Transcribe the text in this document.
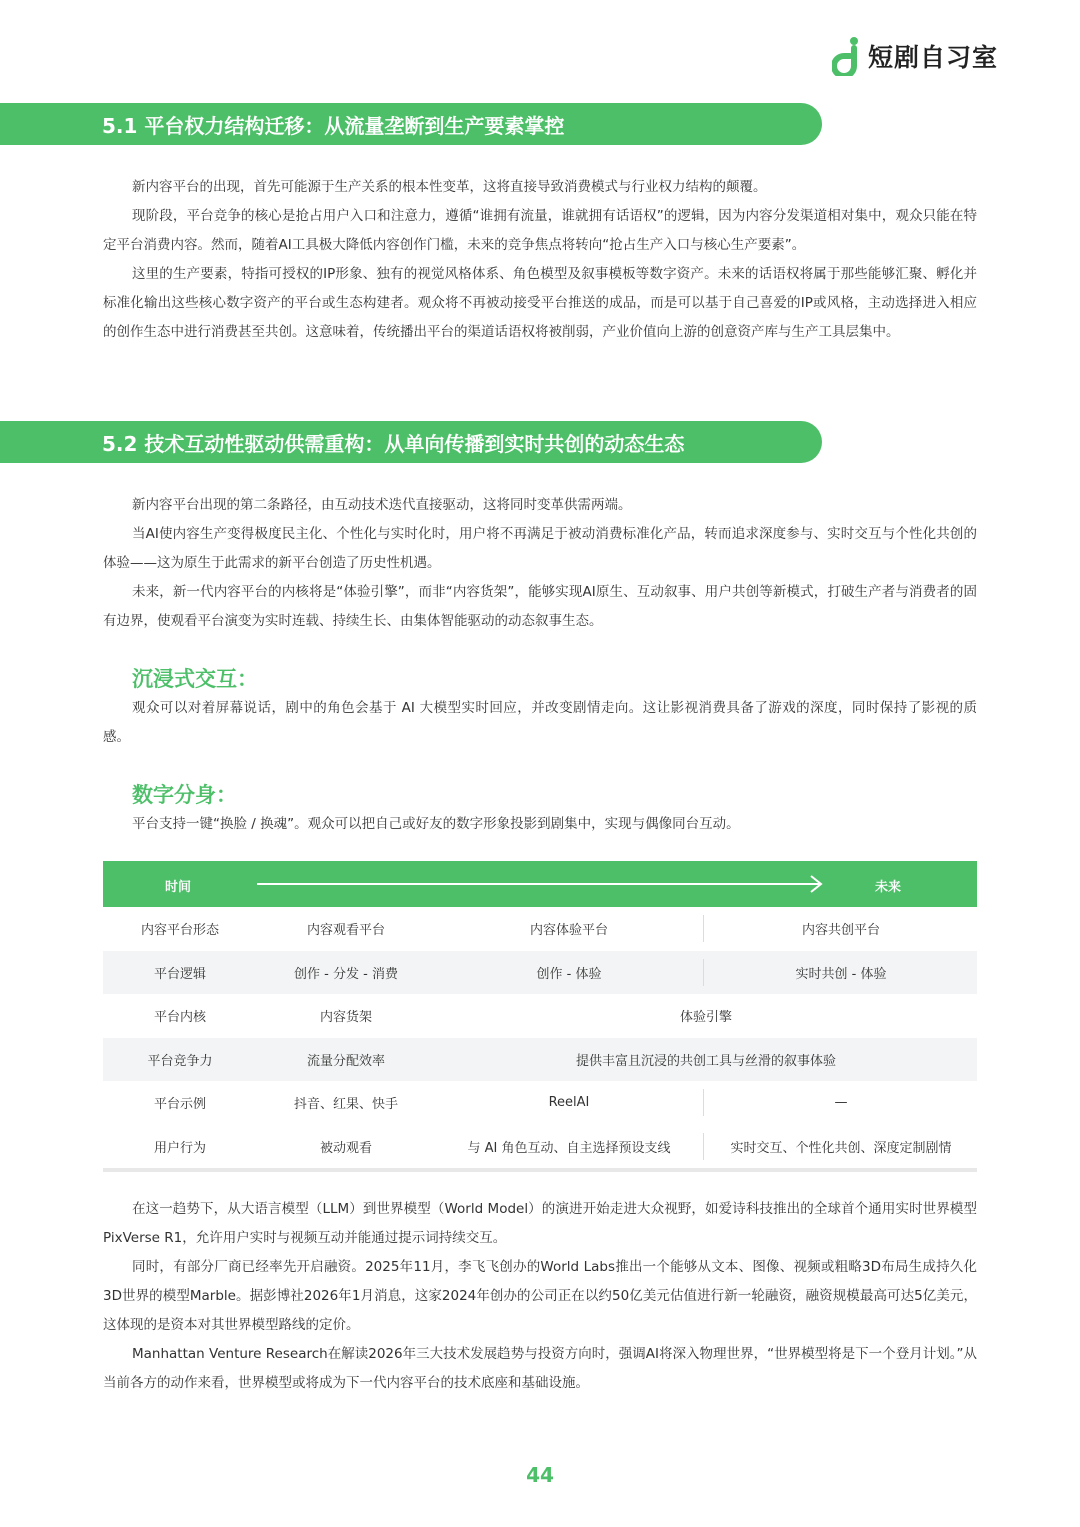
短剧自习室
5.1 平台权力结构迁移：从流量垄断到生产要素掌控

新内容平台的出现，首先可能源于生产关系的根本性变革，这将直接导致消费模式与行业权力结构的颠覆。

现阶段，平台竞争的核心是抢占用户入口和注意力，遵循“谁拥有流量，谁就拥有话语权”的逻辑，因为内容分发渠道相对集中，观众只能在特定平台消费内容。然而，随着AI工具极大降低内容创作门槛，未来的竞争焦点将转向“抢占生产入口与核心生产要素”。

这里的生产要素，特指可授权的IP形象、独有的视觉风格体系、角色模型及叙事模板等数字资产。未来的话语权将属于那些能够汇聚、孵化并标准化输出这些核心数字资产的平台或生态构建者。观众将不再被动接受平台推送的成品，而是可以基于自己喜爱的IP或风格，主动选择进入相应的创作生态中进行消费甚至共创。这意味着，传统播出平台的渠道话语权将被削弱，产业价值向上游的创意资产库与生产工具层集中。

5.2 技术互动性驱动供需重构：从单向传播到实时共创的动态生态

新内容平台出现的第二条路径，由互动技术迭代直接驱动，这将同时变革供需两端。

当AI使内容生产变得极度民主化、个性化与实时化时，用户将不再满足于被动消费标准化产品，转而追求深度参与、实时交互与个性化共创的体验——这为原生于此需求的新平台创造了历史性机遇。

未来，新一代内容平台的内核将是“体验引擎”，而非“内容货架”，能够实现AI原生、互动叙事、用户共创等新模式，打破生产者与消费者的固有边界，使观看平台演变为实时连载、持续生长、由集体智能驱动的动态叙事生态。

沉浸式交互：

观众可以对着屏幕说话，剧中的角色会基于 AI 大模型实时回应，并改变剧情走向。这让影视消费具备了游戏的深度，同时保持了影视的质感。

数字分身：

平台支持一键“换脸 / 换魂”。观众可以把自己或好友的数字形象投影到剧集中，实现与偶像同台互动。

时间	未来
内容平台形态	内容观看平台	内容体验平台	内容共创平台
平台逻辑	创作 - 分发 - 消费	创作 - 体验	实时共创 - 体验
平台内核	内容货架	体验引擎
平台竞争力	流量分配效率	提供丰富且沉浸的共创工具与丝滑的叙事体验
平台示例	抖音、红果、快手	ReelAI	—
用户行为	被动观看	与 AI 角色互动、自主选择预设支线	实时交互、个性化共创、深度定制剧情

在这一趋势下，从大语言模型（LLM）到世界模型（World Model）的演进开始走进大众视野，如爱诗科技推出的全球首个通用实时世界模型PixVerse R1，允许用户实时与视频互动并能通过提示词持续交互。

同时，有部分厂商已经率先开启融资。2025年11月，李飞飞创办的World Labs推出一个能够从文本、图像、视频或粗略3D布局生成持久化3D世界的模型Marble。据彭博社2026年1月消息，这家2024年创办的公司正在以约50亿美元估值进行新一轮融资，融资规模最高可达5亿美元，这体现的是资本对其世界模型路线的定价。

Manhattan Venture Research在解读2026年三大技术发展趋势与投资方向时，强调AI将深入物理世界，“世界模型将是下一个登月计划。”从当前各方的动作来看，世界模型或将成为下一代内容平台的技术底座和基础设施。

44
